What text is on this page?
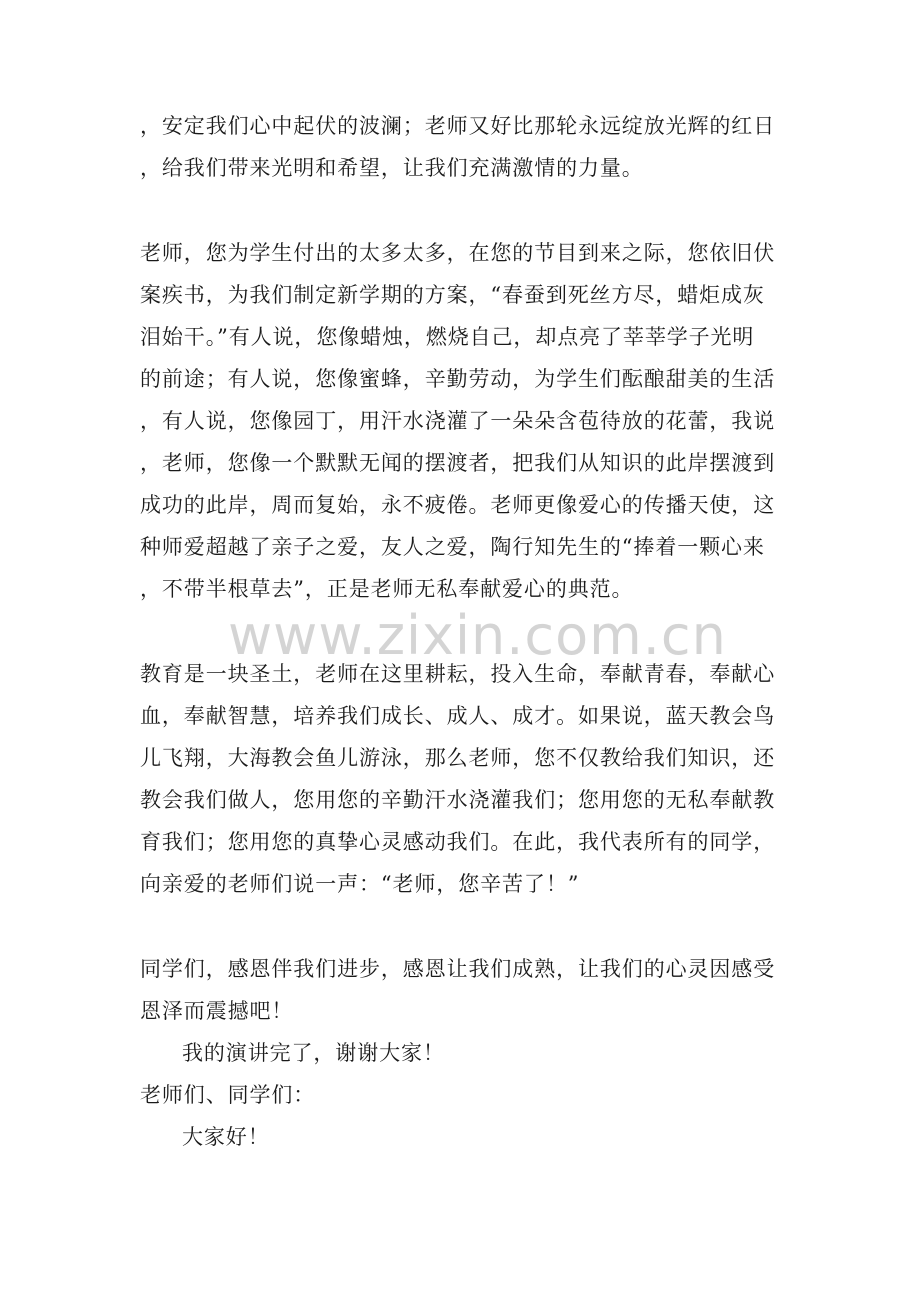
www.zixin.com.cn
，安定我们心中起伏的波澜；老师又好比那轮永远绽放光辉的红日
，给我们带来光明和希望，让我们充满激情的力量。
老师，您为学生付出的太多太多，在您的节目到来之际，您依旧伏
案疾书，为我们制定新学期的方案，“春蚕到死丝方尽，蜡炬成灰
泪始干。”有人说，您像蜡烛，燃烧自己，却点亮了莘莘学子光明
的前途；有人说，您像蜜蜂，辛勤劳动，为学生们酝酿甜美的生活
，有人说，您像园丁，用汗水浇灌了一朵朵含苞待放的花蕾，我说
，老师，您像一个默默无闻的摆渡者，把我们从知识的此岸摆渡到
成功的此岸，周而复始，永不疲倦。老师更像爱心的传播天使，这
种师爱超越了亲子之爱，友人之爱，陶行知先生的“捧着一颗心来
，不带半根草去”，正是老师无私奉献爱心的典范。
教育是一块圣土，老师在这里耕耘，投入生命，奉献青春，奉献心
血，奉献智慧，培养我们成长、成人、成才。如果说，蓝天教会鸟
儿飞翔，大海教会鱼儿游泳，那么老师，您不仅教给我们知识，还
教会我们做人，您用您的辛勤汗水浇灌我们；您用您的无私奉献教
育我们；您用您的真挚心灵感动我们。在此，我代表所有的同学，
向亲爱的老师们说一声：“老师，您辛苦了！”
同学们，感恩伴我们进步，感恩让我们成熟，让我们的心灵因感受
恩泽而震撼吧！
我的演讲完了，谢谢大家！
老师们、同学们：
大家好！
